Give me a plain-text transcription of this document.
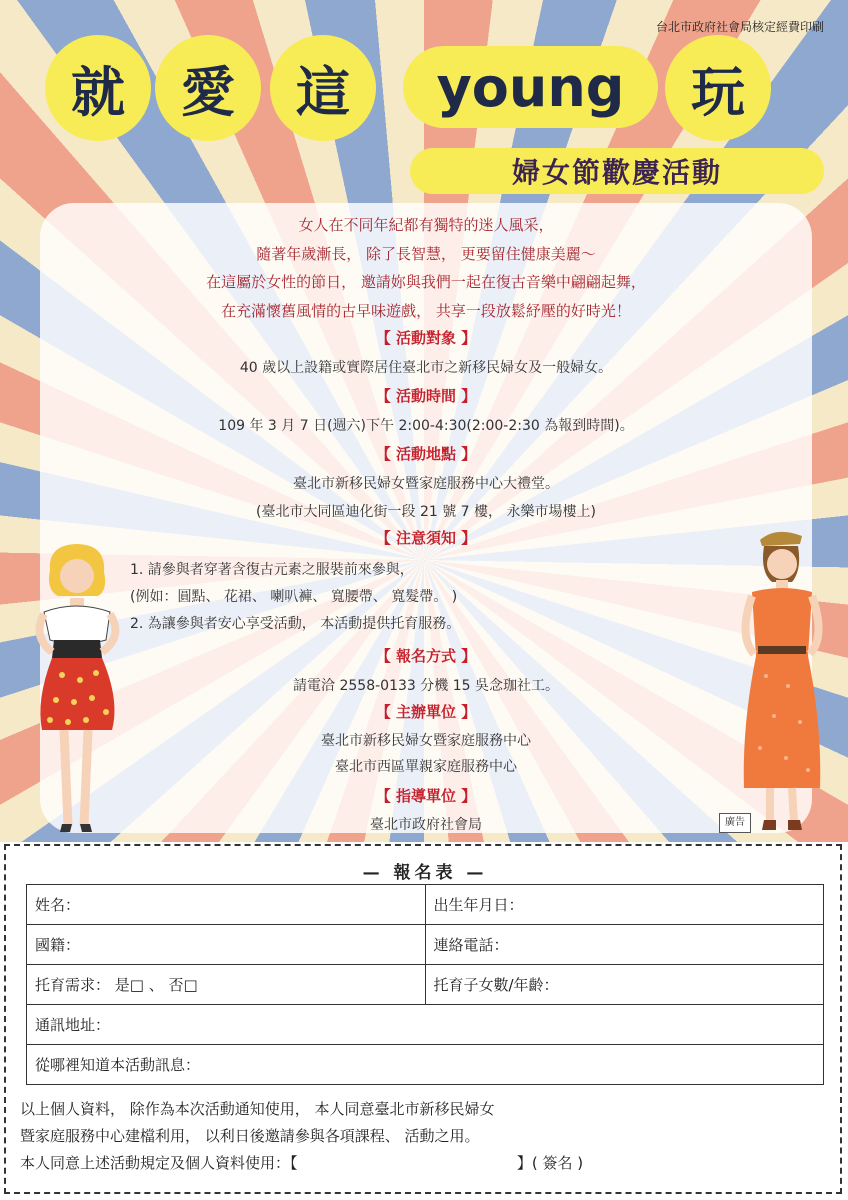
台北市政府社會局核定經費印刷
就	愛	這	young	玩
婦女節歡慶活動
女人在不同年紀都有獨特的迷人風采，
隨著年歲漸長， 除了長智慧， 更要留住健康美麗～
在這屬於女性的節日， 邀請妳與我們一起在復古音樂中翩翩起舞，
在充滿懷舊風情的古早味遊戲， 共享一段放鬆紓壓的好時光！
【 活動對象 】
40 歲以上設籍或實際居住臺北市之新移民婦女及一般婦女。
【 活動時間 】
109 年 3 月 7 日(週六)下午 2:00-4:30(2:00-2:30 為報到時間)。
【 活動地點 】
臺北市新移民婦女暨家庭服務中心大禮堂。
(臺北市大同區迪化街一段 21 號 7 樓， 永樂市場樓上)
【 注意須知 】
1. 請參與者穿著含復古元素之服裝前來參與，
(例如：圓點、 花裙、 喇叭褲、 寬腰帶、 寬髮帶。 )
2. 為讓參與者安心享受活動， 本活動提供托育服務。
【 報名方式 】
請電洽 2558-0133 分機 15 吳念珈社工。
【 主辦單位 】
臺北市新移民婦女暨家庭服務中心
臺北市西區單親家庭服務中心
【 指導單位 】
臺北市政府社會局	廣告
— 報名表 —
姓名：	出生年月日：
國籍：	連絡電話：
托育需求： 是□ 、 否□	托育子女數/年齡：
通訊地址：	
從哪裡知道本活動訊息：	
以上個人資料， 除作為本次活動通知使用， 本人同意臺北市新移民婦女
暨家庭服務中心建檔利用， 以利日後邀請參與各項課程、 活動之用。
本人同意上述活動規定及個人資料使用：【                                              】( 簽名 )
